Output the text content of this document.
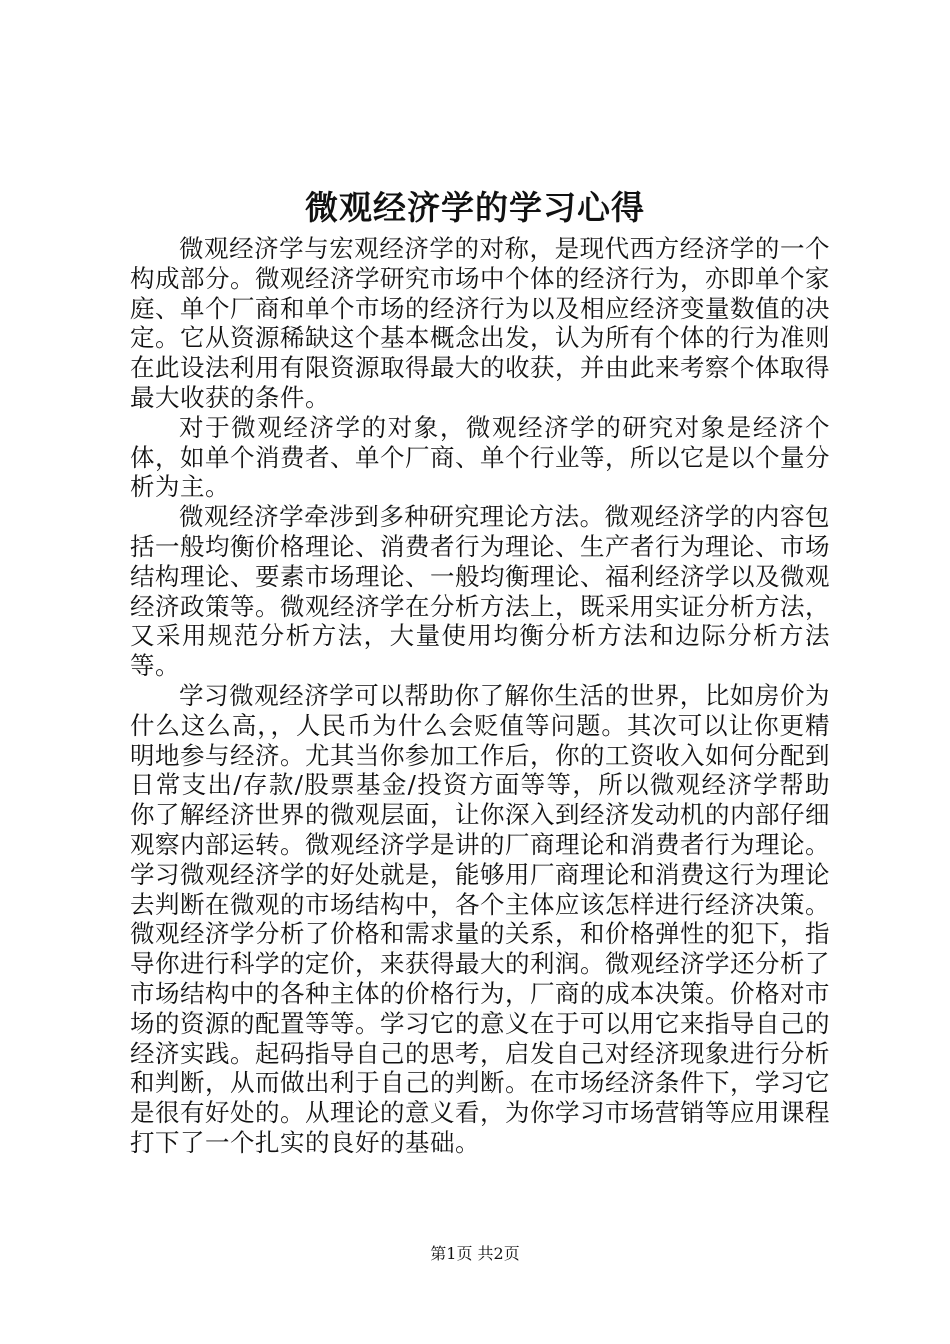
微观经济学的学习心得

微观经济学与宏观经济学的对称，是现代西方经济学的一个构成部分。微观经济学研究市场中个体的经济行为，亦即单个家庭、单个厂商和单个市场的经济行为以及相应经济变量数值的决定。它从资源稀缺这个基本概念出发，认为所有个体的行为准则在此设法利用有限资源取得最大的收获，并由此来考察个体取得最大收获的条件。

对于微观经济学的对象，微观经济学的研究对象是经济个体，如单个消费者、单个厂商、单个行业等，所以它是以个量分析为主。

微观经济学牵涉到多种研究理论方法。微观经济学的内容包括一般均衡价格理论、消费者行为理论、生产者行为理论、市场结构理论、要素市场理论、一般均衡理论、福利经济学以及微观经济政策等。微观经济学在分析方法上，既采用实证分析方法，又采用规范分析方法，大量使用均衡分析方法和边际分析方法等。

学习微观经济学可以帮助你了解你生活的世界，比如房价为什么这么高，，人民币为什么会贬值等问题。其次可以让你更精明地参与经济。尤其当你参加工作后，你的工资收入如何分配到日常支出/存款/股票基金/投资方面等等，所以微观经济学帮助你了解经济世界的微观层面，让你深入到经济发动机的内部仔细观察内部运转。微观经济学是讲的厂商理论和消费者行为理论。学习微观经济学的好处就是，能够用厂商理论和消费这行为理论去判断在微观的市场结构中，各个主体应该怎样进行经济决策。微观经济学分析了价格和需求量的关系，和价格弹性的犯下，指导你进行科学的定价，来获得最大的利润。微观经济学还分析了市场结构中的各种主体的价格行为，厂商的成本决策。价格对市场的资源的配置等等。学习它的意义在于可以用它来指导自己的经济实践。起码指导自己的思考，启发自己对经济现象进行分析和判断，从而做出利于自己的判断。在市场经济条件下，学习它是很有好处的。从理论的意义看，为你学习市场营销等应用课程打下了一个扎实的良好的基础。

第1页 共2页
